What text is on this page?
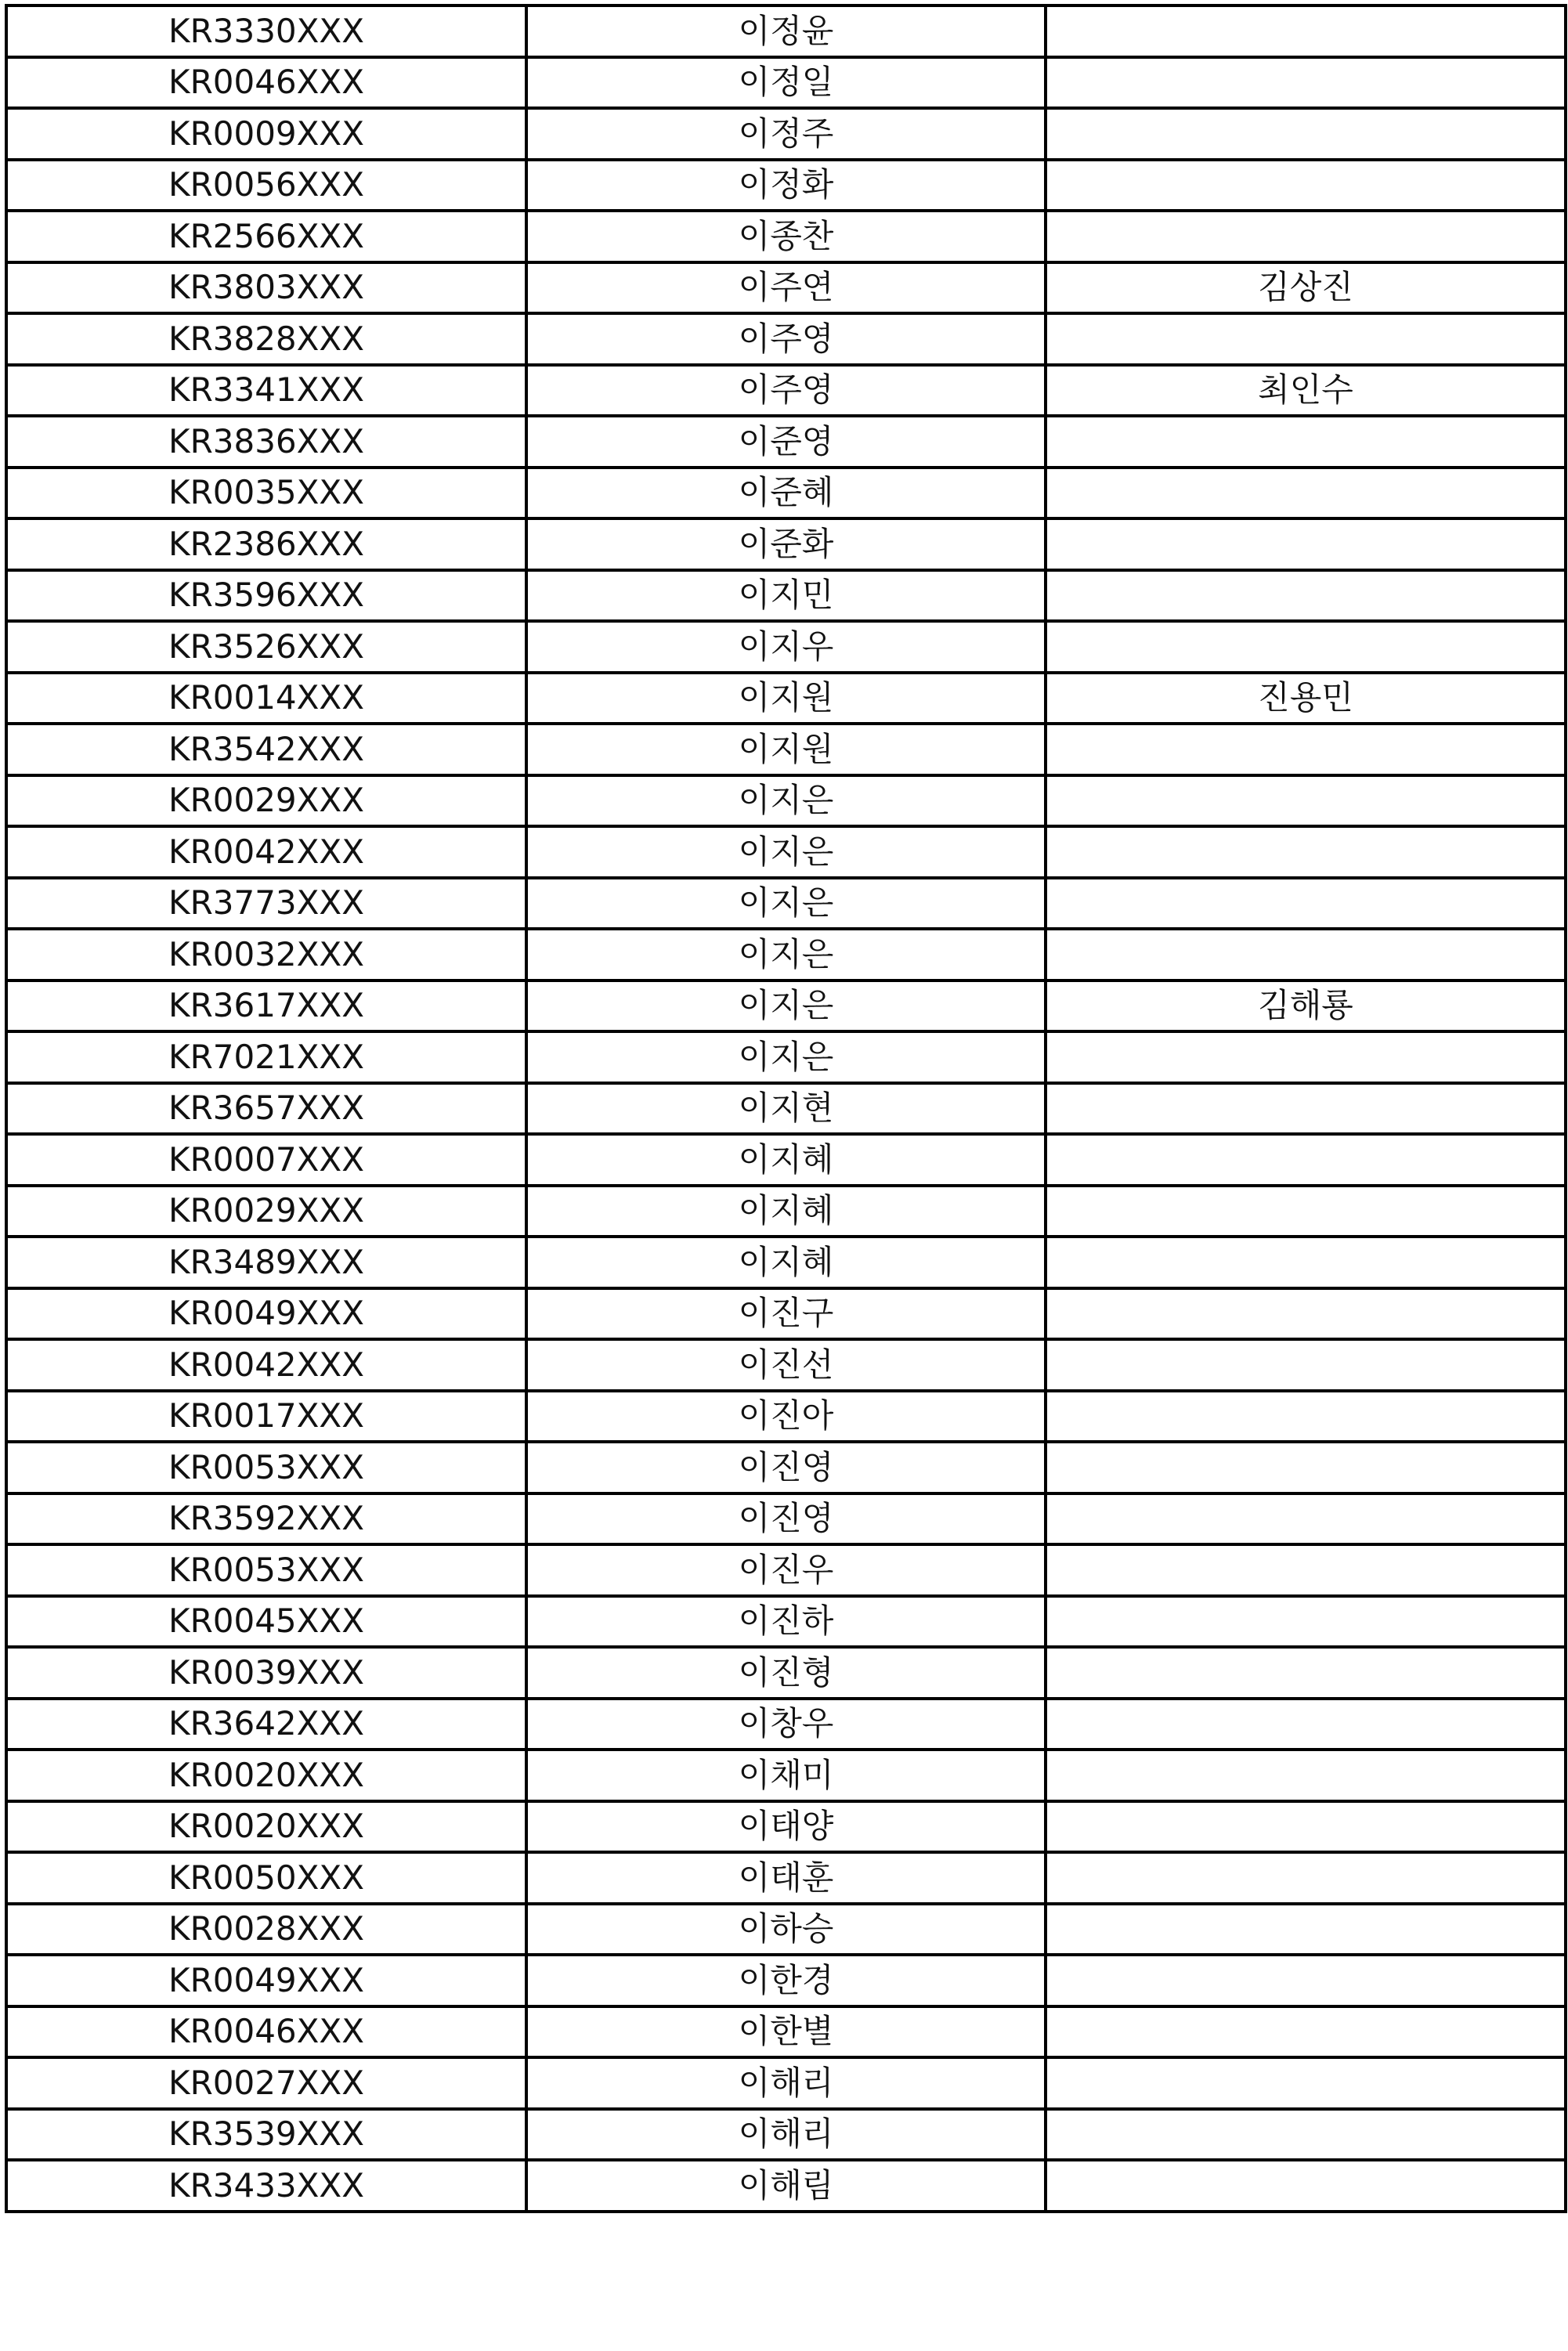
KR3330XXX	이정윤	
KR0046XXX	이정일	
KR0009XXX	이정주	
KR0056XXX	이정화	
KR2566XXX	이종찬	
KR3803XXX	이주연	김상진
KR3828XXX	이주영	
KR3341XXX	이주영	최인수
KR3836XXX	이준영	
KR0035XXX	이준혜	
KR2386XXX	이준화	
KR3596XXX	이지민	
KR3526XXX	이지우	
KR0014XXX	이지원	진용민
KR3542XXX	이지원	
KR0029XXX	이지은	
KR0042XXX	이지은	
KR3773XXX	이지은	
KR0032XXX	이지은	
KR3617XXX	이지은	김해룡
KR7021XXX	이지은	
KR3657XXX	이지현	
KR0007XXX	이지혜	
KR0029XXX	이지혜	
KR3489XXX	이지혜	
KR0049XXX	이진구	
KR0042XXX	이진선	
KR0017XXX	이진아	
KR0053XXX	이진영	
KR3592XXX	이진영	
KR0053XXX	이진우	
KR0045XXX	이진하	
KR0039XXX	이진형	
KR3642XXX	이창우	
KR0020XXX	이채미	
KR0020XXX	이태양	
KR0050XXX	이태훈	
KR0028XXX	이하승	
KR0049XXX	이한경	
KR0046XXX	이한별	
KR0027XXX	이해리	
KR3539XXX	이해리	
KR3433XXX	이해림	
